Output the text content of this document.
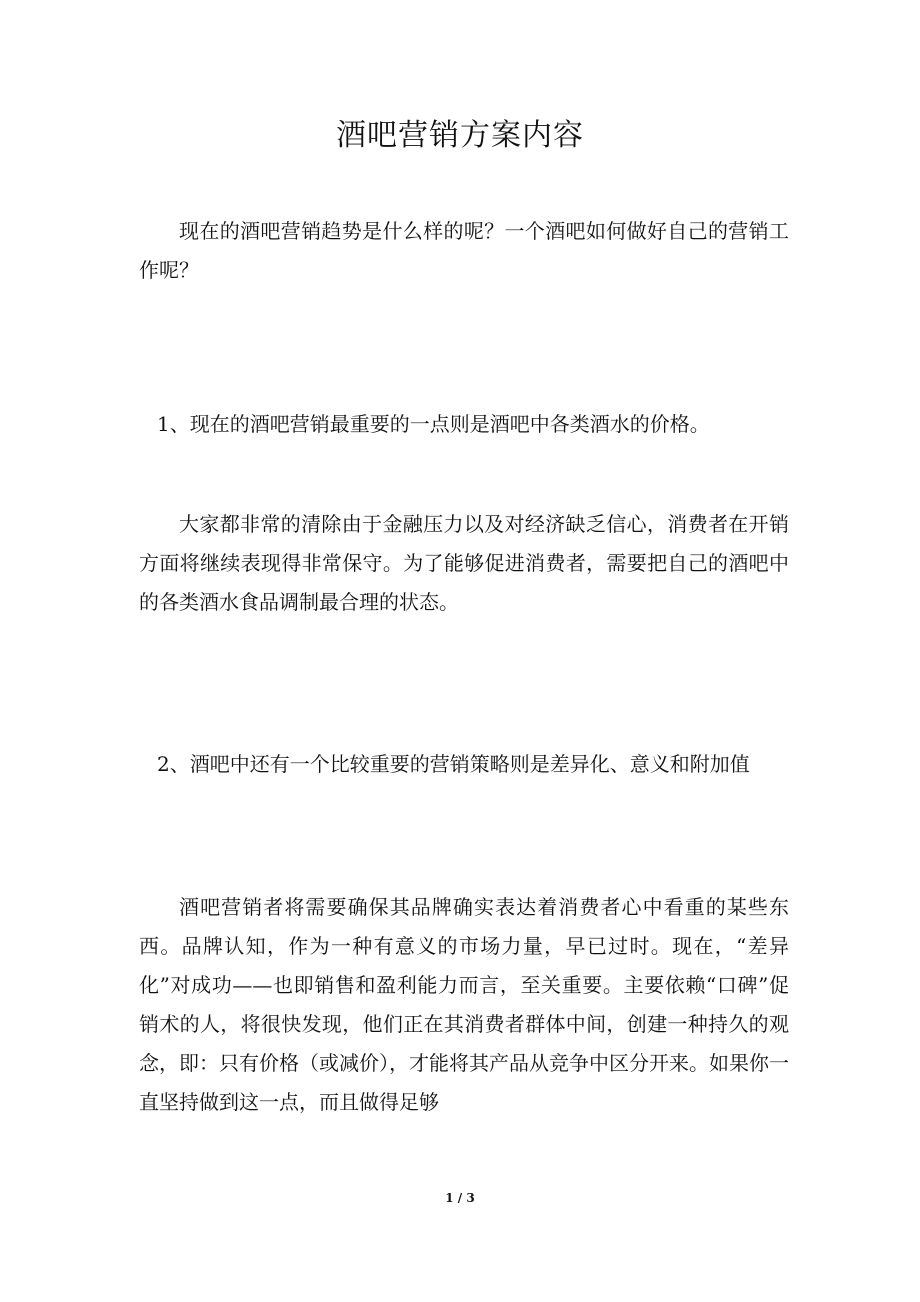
酒吧营销方案内容

现在的酒吧营销趋势是什么样的呢？一个酒吧如何做好自己的营销工作呢？

1、现在的酒吧营销最重要的一点则是酒吧中各类酒水的价格。

大家都非常的清除由于金融压力以及对经济缺乏信心，消费者在开销方面将继续表现得非常保守。为了能够促进消费者，需要把自己的酒吧中的各类酒水食品调制最合理的状态。

2、酒吧中还有一个比较重要的营销策略则是差异化、意义和附加值

酒吧营销者将需要确保其品牌确实表达着消费者心中看重的某些东西。品牌认知，作为一种有意义的市场力量，早已过时。现在，“差异化”对成功——也即销售和盈利能力而言，至关重要。主要依赖“口碑”促销术的人，将很快发现，他们正在其消费者群体中间，创建一种持久的观念，即：只有价格（或减价），才能将其产品从竞争中区分开来。如果你一直坚持做到这一点，而且做得足够

1 / 3
